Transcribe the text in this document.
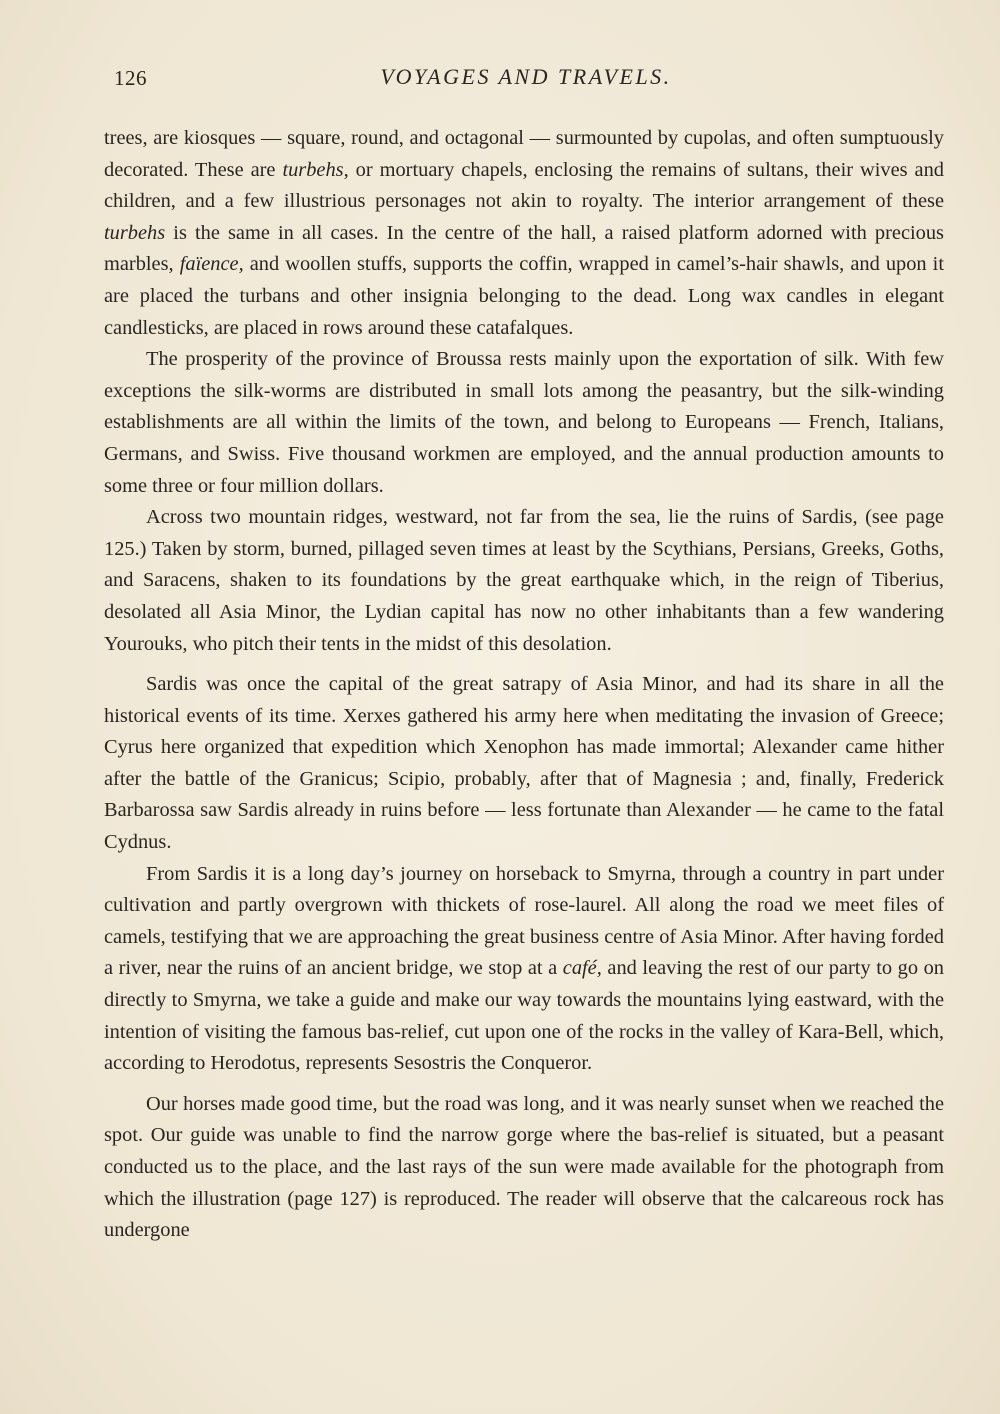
126	VOYAGES AND TRAVELS.

trees, are kiosques — square, round, and octagonal — surmounted by cupolas, and often sumptuously decorated. These are turbehs, or mortuary chapels, enclosing the remains of sultans, their wives and children, and a few illustrious personages not akin to royalty. The interior arrangement of these turbehs is the same in all cases. In the centre of the hall, a raised platform adorned with precious marbles, faïence, and woollen stuffs, supports the coffin, wrapped in camel’s-hair shawls, and upon it are placed the turbans and other insignia belonging to the dead. Long wax candles in elegant candlesticks, are placed in rows around these catafalques.

The prosperity of the province of Broussa rests mainly upon the exportation of silk. With few exceptions the silk-worms are distributed in small lots among the peasantry, but the silk-winding establishments are all within the limits of the town, and belong to Europeans — French, Italians, Germans, and Swiss. Five thousand workmen are employed, and the annual production amounts to some three or four million dollars.

Across two mountain ridges, westward, not far from the sea, lie the ruins of Sardis, (see page 125.) Taken by storm, burned, pillaged seven times at least by the Scythians, Persians, Greeks, Goths, and Saracens, shaken to its foundations by the great earthquake which, in the reign of Tiberius, desolated all Asia Minor, the Lydian capital has now no other inhabitants than a few wandering Yourouks, who pitch their tents in the midst of this desolation.

Sardis was once the capital of the great satrapy of Asia Minor, and had its share in all the historical events of its time. Xerxes gathered his army here when meditating the invasion of Greece; Cyrus here organized that expedition which Xenophon has made immortal; Alexander came hither after the battle of the Granicus; Scipio, probably, after that of Magnesia ; and, finally, Frederick Barbarossa saw Sardis already in ruins before — less fortunate than Alexander — he came to the fatal Cydnus.

From Sardis it is a long day’s journey on horseback to Smyrna, through a country in part under cultivation and partly overgrown with thickets of rose-laurel. All along the road we meet files of camels, testifying that we are approaching the great business centre of Asia Minor. After having forded a river, near the ruins of an ancient bridge, we stop at a café, and leaving the rest of our party to go on directly to Smyrna, we take a guide and make our way towards the mountains lying eastward, with the intention of visiting the famous bas-relief, cut upon one of the rocks in the valley of Kara-Bell, which, according to Herodotus, represents Sesostris the Conqueror.

Our horses made good time, but the road was long, and it was nearly sunset when we reached the spot. Our guide was unable to find the narrow gorge where the bas-relief is situated, but a peasant conducted us to the place, and the last rays of the sun were made available for the photograph from which the illustration (page 127) is reproduced. The reader will observe that the calcareous rock has undergone
